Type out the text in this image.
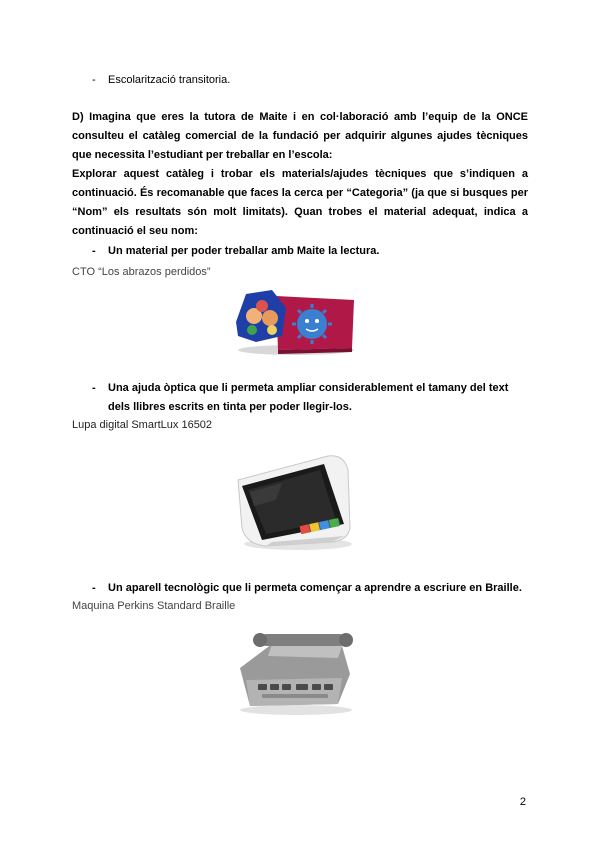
-	Escolarització transitoria.
D) Imagina que eres la tutora de Maite i en col·laboració amb l’equip de la ONCE consulteu el catàleg comercial de la fundació per adquirir algunes ajudes tècniques que necessita l’estudiant per treballar en l’escola:
Explorar aquest catàleg i trobar els materials/ajudes tècniques que s’indiquen a continuació. És recomanable que faces la cerca per “Categoria” (ja que si busques per “Nom” els resultats són molt limitats). Quan trobes el material adequat, indica a continuació el seu nom:
-	Un material per poder treballar amb Maite la lectura.
CTO “Los abrazos perdidos”
-	Una ajuda òptica que li permeta ampliar considerablement el tamany del text
dels llibres escrits en tinta per poder llegir-los.
Lupa digital SmartLux 16502
-	Un aparell tecnològic que li permeta començar a aprendre a escriure en Braille.
Maquina Perkins Standard Braille
2
